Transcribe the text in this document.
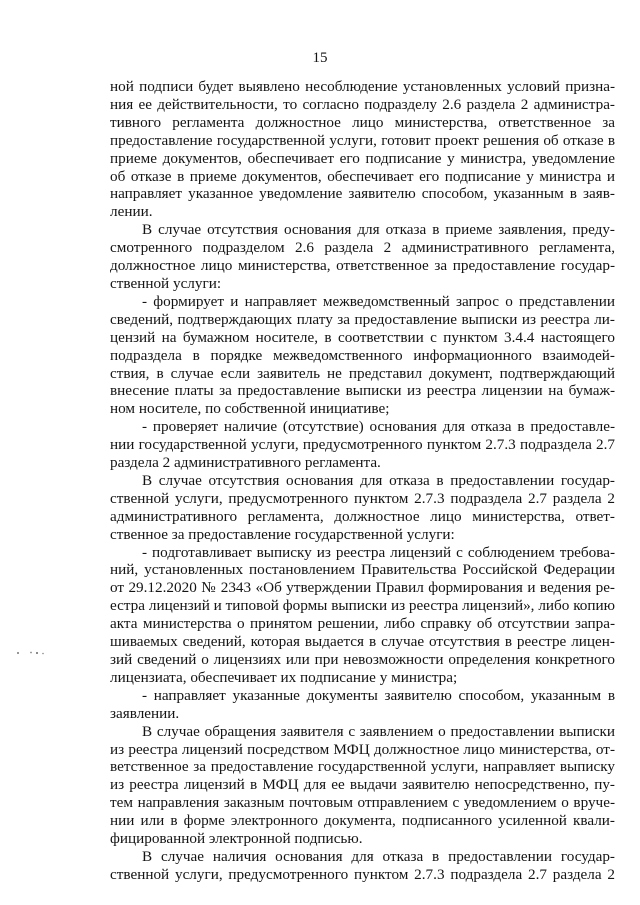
15
ной подписи будет выявлено несоблюдение установленных условий призна-
ния ее действительности, то согласно подразделу 2.6 раздела 2 администра-
тивного регламента должностное лицо министерства, ответственное за
предоставление государственной услуги, готовит проект решения об отказе в
приеме документов, обеспечивает его подписание у министра, уведомление
об отказе в приеме документов, обеспечивает его подписание у министра и
направляет указанное уведомление заявителю способом, указанным в заяв-
лении.
В случае отсутствия основания для отказа в приеме заявления, преду-
смотренного подразделом 2.6 раздела 2 административного регламента,
должностное лицо министерства, ответственное за предоставление государ-
ственной услуги:
- формирует и направляет межведомственный запрос о представлении
сведений, подтверждающих плату за предоставление выписки из реестра ли-
цензий на бумажном носителе, в соответствии с пунктом 3.4.4 настоящего
подраздела в порядке межведомственного информационного взаимодей-
ствия, в случае если заявитель не представил документ, подтверждающий
внесение платы за предоставление выписки из реестра лицензии на бумаж-
ном носителе, по собственной инициативе;
- проверяет наличие (отсутствие) основания для отказа в предоставле-
нии государственной услуги, предусмотренного пунктом 2.7.3 подраздела 2.7
раздела 2 административного регламента.
В случае отсутствия основания для отказа в предоставлении государ-
ственной услуги, предусмотренного пунктом 2.7.3 подраздела 2.7 раздела 2
административного регламента, должностное лицо министерства, ответ-
ственное за предоставление государственной услуги:
- подготавливает выписку из реестра лицензий с соблюдением требова-
ний, установленных постановлением Правительства Российской Федерации
от 29.12.2020 № 2343 «Об утверждении Правил формирования и ведения ре-
естра лицензий и типовой формы выписки из реестра лицензий», либо копию
акта министерства о принятом решении, либо справку об отсутствии запра-
шиваемых сведений, которая выдается в случае отсутствия в реестре лицен-
зий сведений о лицензиях или при невозможности определения конкретного
лицензиата, обеспечивает их подписание у министра;
- направляет указанные документы заявителю способом, указанным в
заявлении.
В случае обращения заявителя с заявлением о предоставлении выписки
из реестра лицензий посредством МФЦ должностное лицо министерства, от-
ветственное за предоставление государственной услуги, направляет выписку
из реестра лицензий в МФЦ для ее выдачи заявителю непосредственно, пу-
тем направления заказным почтовым отправлением с уведомлением о вруче-
нии или в форме электронного документа, подписанного усиленной квали-
фицированной электронной подписью.
В случае наличия основания для отказа в предоставлении государ-
ственной услуги, предусмотренного пунктом 2.7.3 подраздела 2.7 раздела 2
